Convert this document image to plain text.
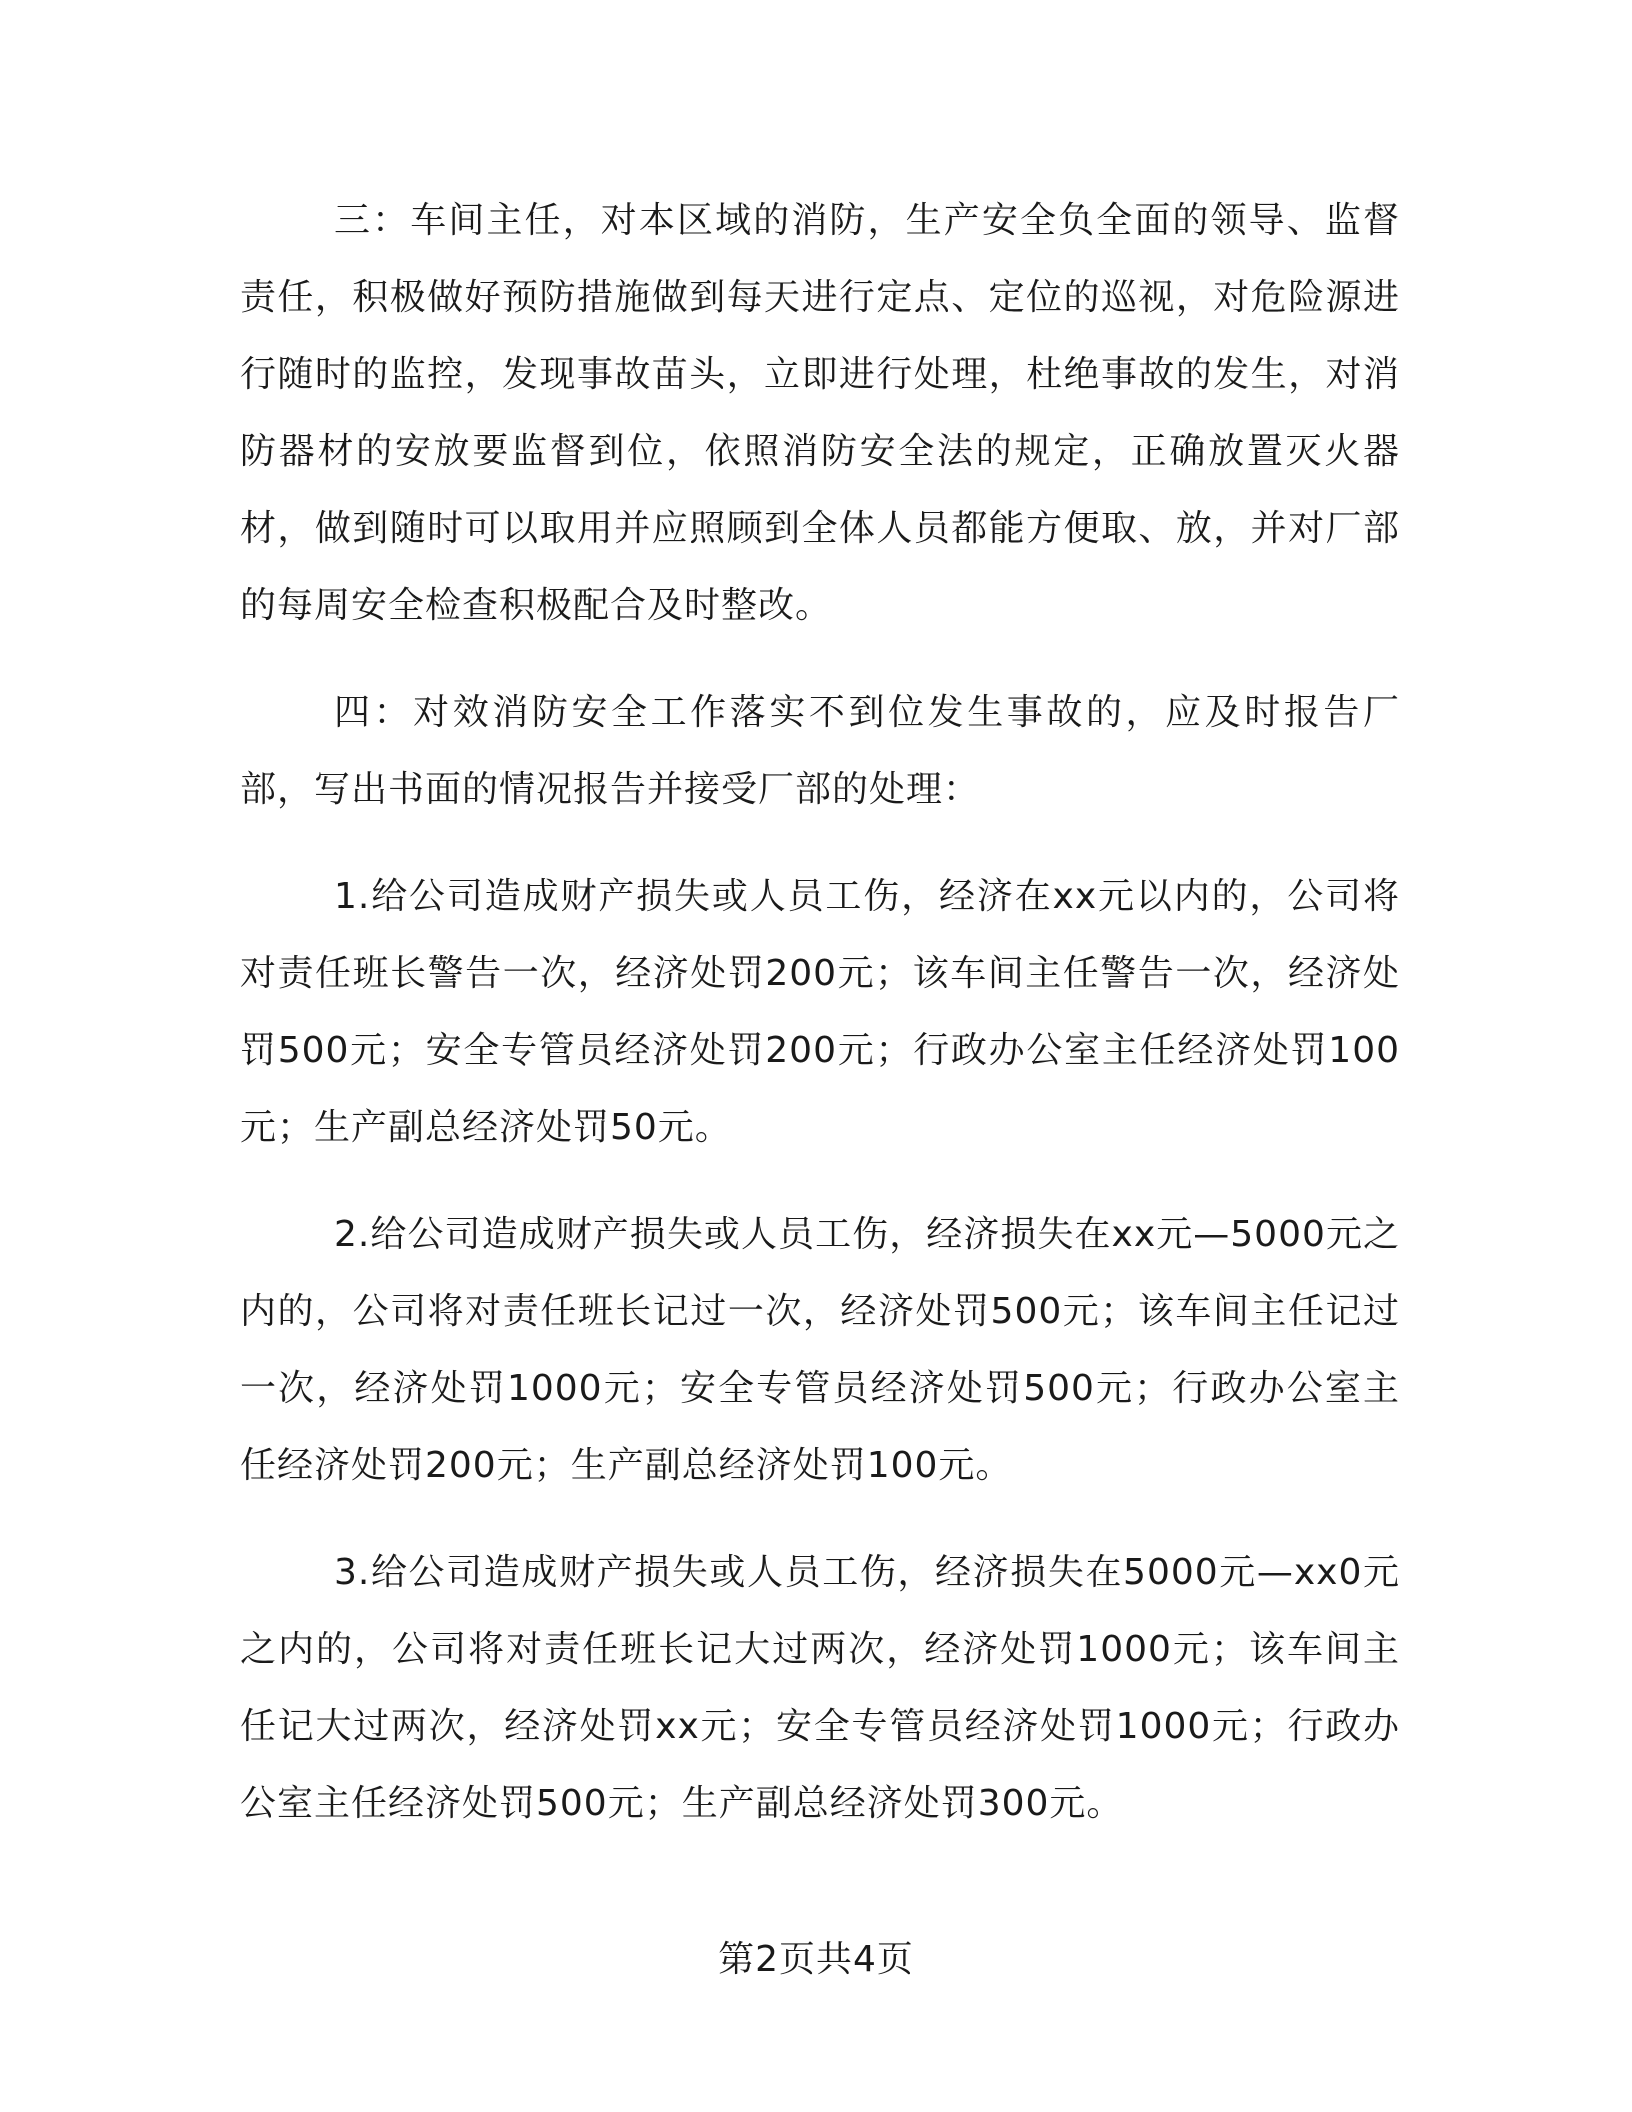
三：车间主任，对本区域的消防，生产安全负全面的领导、监督责任，积极做好预防措施做到每天进行定点、定位的巡视，对危险源进行随时的监控，发现事故苗头，立即进行处理，杜绝事故的发生，对消防器材的安放要监督到位，依照消防安全法的规定，正确放置灭火器材，做到随时可以取用并应照顾到全体人员都能方便取、放，并对厂部的每周安全检查积极配合及时整改。

四：对效消防安全工作落实不到位发生事故的，应及时报告厂部，写出书面的情况报告并接受厂部的处理：

1.给公司造成财产损失或人员工伤，经济在xx元以内的，公司将对责任班长警告一次，经济处罚200元；该车间主任警告一次，经济处罚500元；安全专管员经济处罚200元；行政办公室主任经济处罚100元；生产副总经济处罚50元。

2.给公司造成财产损失或人员工伤，经济损失在xx元—5000元之内的，公司将对责任班长记过一次，经济处罚500元；该车间主任记过一次，经济处罚1000元；安全专管员经济处罚500元；行政办公室主任经济处罚200元；生产副总经济处罚100元。

3.给公司造成财产损失或人员工伤，经济损失在5000元—xx0元之内的，公司将对责任班长记大过两次，经济处罚1000元；该车间主任记大过两次，经济处罚xx元；安全专管员经济处罚1000元；行政办公室主任经济处罚500元；生产副总经济处罚300元。

第2页共4页
